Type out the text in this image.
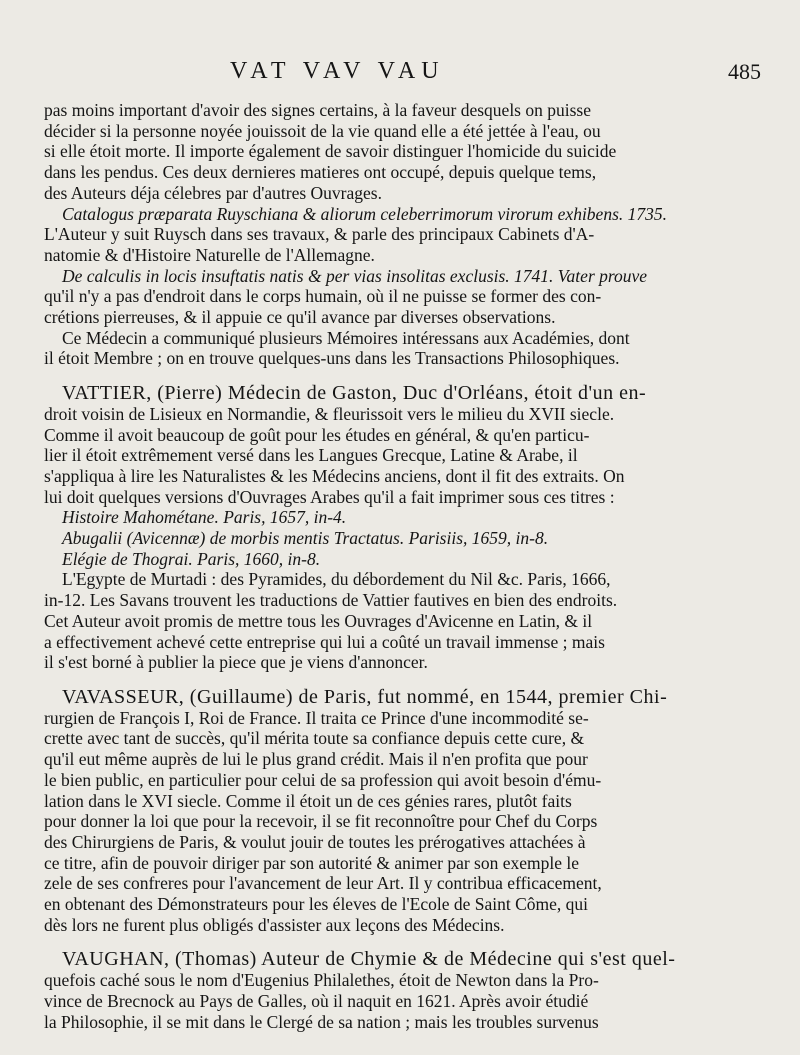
VAT VAV VAU	485
pas moins important d'avoir des signes certains, à la faveur desquels on puisse
décider si la personne noyée jouissoit de la vie quand elle a été jettée à l'eau, ou
si elle étoit morte. Il importe également de savoir distinguer l'homicide du suicide
dans les pendus. Ces deux dernieres matieres ont occupé, depuis quelque tems,
des Auteurs déja célebres par d'autres Ouvrages.
Catalogus præparata Ruyschiana & aliorum celeberrimorum virorum exhibens. 1735.
L'Auteur y suit Ruysch dans ses travaux, & parle des principaux Cabinets d'A-
natomie & d'Histoire Naturelle de l'Allemagne.
De calculis in locis insuftatis natis & per vias insolitas exclusis. 1741. Vater prouve
qu'il n'y a pas d'endroit dans le corps humain, où il ne puisse se former des con-
crétions pierreuses, & il appuie ce qu'il avance par diverses observations.
Ce Médecin a communiqué plusieurs Mémoires intéressans aux Académies, dont
il étoit Membre ; on en trouve quelques-uns dans les Transactions Philosophiques.
VATTIER, (Pierre) Médecin de Gaston, Duc d'Orléans, étoit d'un en-
droit voisin de Lisieux en Normandie, & fleurissoit vers le milieu du XVII siecle.
Comme il avoit beaucoup de goût pour les études en général, & qu'en particu-
lier il étoit extrêmement versé dans les Langues Grecque, Latine & Arabe, il
s'appliqua à lire les Naturalistes & les Médecins anciens, dont il fit des extraits. On
lui doit quelques versions d'Ouvrages Arabes qu'il a fait imprimer sous ces titres :
Histoire Mahométane. Paris, 1657, in-4.
Abugalii (Avicennæ) de morbis mentis Tractatus. Parisiis, 1659, in-8.
Elégie de Thograi. Paris, 1660, in-8.
L'Egypte de Murtadi : des Pyramides, du débordement du Nil &c. Paris, 1666,
in-12. Les Savans trouvent les traductions de Vattier fautives en bien des endroits.
Cet Auteur avoit promis de mettre tous les Ouvrages d'Avicenne en Latin, & il
a effectivement achevé cette entreprise qui lui a coûté un travail immense ; mais
il s'est borné à publier la piece que je viens d'annoncer.
VAVASSEUR, (Guillaume) de Paris, fut nommé, en 1544, premier Chi-
rurgien de François I, Roi de France. Il traita ce Prince d'une incommodité se-
crette avec tant de succès, qu'il mérita toute sa confiance depuis cette cure, &
qu'il eut même auprès de lui le plus grand crédit. Mais il n'en profita que pour
le bien public, en particulier pour celui de sa profession qui avoit besoin d'ému-
lation dans le XVI siecle. Comme il étoit un de ces génies rares, plutôt faits
pour donner la loi que pour la recevoir, il se fit reconnoître pour Chef du Corps
des Chirurgiens de Paris, & voulut jouir de toutes les prérogatives attachées à
ce titre, afin de pouvoir diriger par son autorité & animer par son exemple le
zele de ses confreres pour l'avancement de leur Art. Il y contribua efficacement,
en obtenant des Démonstrateurs pour les éleves de l'Ecole de Saint Côme, qui
dès lors ne furent plus obligés d'assister aux leçons des Médecins.
VAUGHAN, (Thomas) Auteur de Chymie & de Médecine qui s'est quel-
quefois caché sous le nom d'Eugenius Philalethes, étoit de Newton dans la Pro-
vince de Brecnock au Pays de Galles, où il naquit en 1621. Après avoir étudié
la Philosophie, il se mit dans le Clergé de sa nation ; mais les troubles survenus
